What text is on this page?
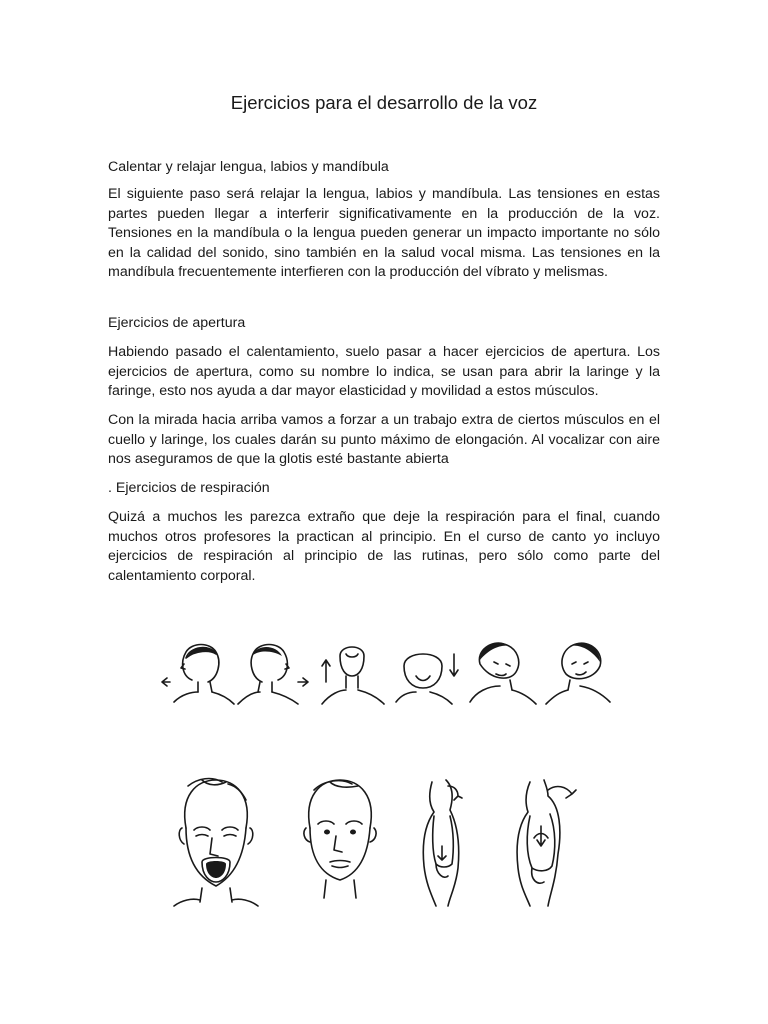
Ejercicios para el desarrollo de la voz

Calentar y relajar lengua, labios y mandíbula

El siguiente paso será relajar la lengua, labios y mandíbula. Las tensiones en estas partes pueden llegar a interferir significativamente en la producción de la voz. Tensiones en la mandíbula o la lengua pueden generar un impacto importante no sólo en la calidad del sonido, sino también en la salud vocal misma. Las tensiones en la mandíbula frecuentemente interfieren con la producción del víbrato y melismas.

Ejercicios de apertura

Habiendo pasado el calentamiento, suelo pasar a hacer ejercicios de apertura. Los ejercicios de apertura, como su nombre lo indica, se usan para abrir la laringe y la faringe, esto nos ayuda a dar mayor elasticidad y movilidad a estos músculos.

Con la mirada hacia arriba vamos a forzar a un trabajo extra de ciertos músculos en el cuello y laringe, los cuales darán su punto máximo de elongación. Al vocalizar con aire nos aseguramos de que la glotis esté bastante abierta

. Ejercicios de respiración

Quizá a muchos les parezca extraño que deje la respiración para el final, cuando muchos otros profesores la practican al principio. En el curso de canto yo incluyo ejercicios de respiración al principio de las rutinas, pero sólo como parte del calentamiento corporal.
